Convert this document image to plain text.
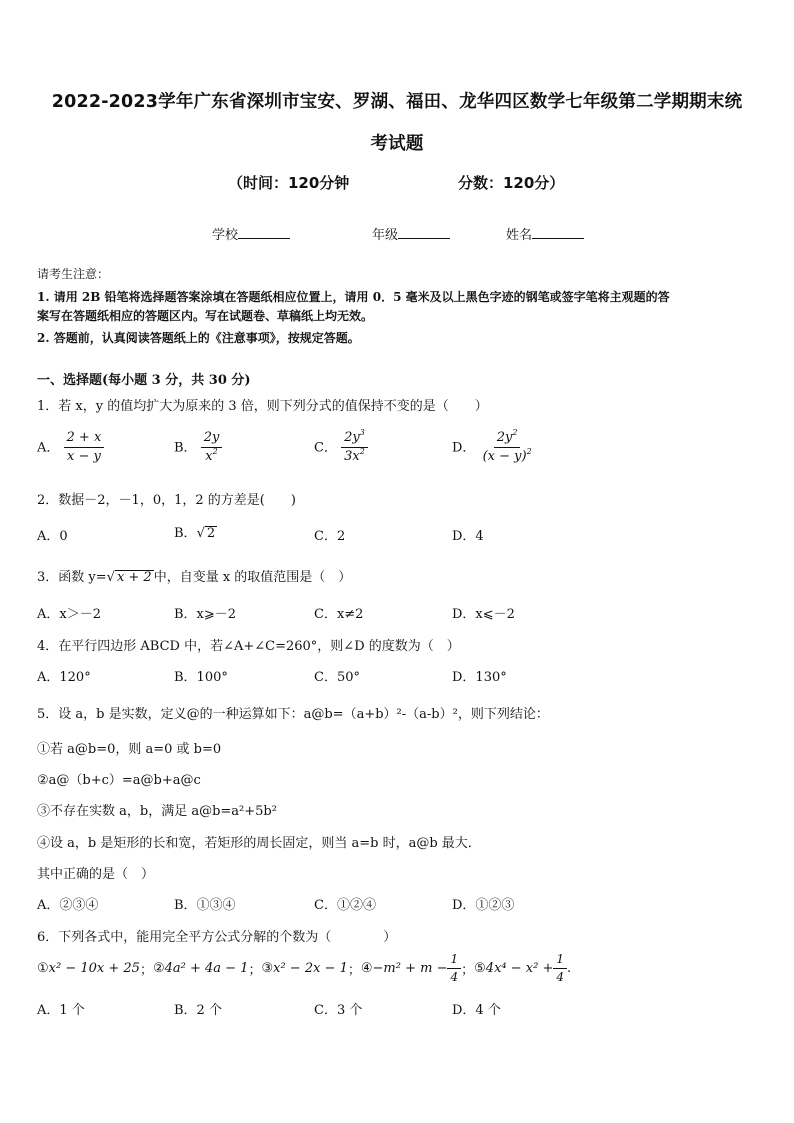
2022-2023学年广东省深圳市宝安、罗湖、福田、龙华四区数学七年级第二学期期末统
考试题
（时间：120分钟	分数：120分）
学校	年级	姓名
请考生注意：
1. 请用 2B 铅笔将选择题答案涂填在答题纸相应位置上，请用 0．5 毫米及以上黑色字迹的钢笔或签字笔将主观题的答
案写在答题纸相应的答题区内。写在试题卷、草稿纸上均无效。
2. 答题前，认真阅读答题纸上的《注意事项》，按规定答题。
一、选择题(每小题 3 分，共 30 分)
1．若 x，y 的值均扩大为原来的 3 倍，则下列分式的值保持不变的是（　　）
A． $\frac{2 + x}{x - y}$	B． $\frac{2y}{x^2}$	C． $\frac{2y^3}{3x^2}$	D． $\frac{2y^2}{(x - y)^2}$
2．数据－2，－1，0，1，2 的方差是(　　)
A．0	B．√ 2	C．2	D．4
3．函数 y=√ x + 2 中，自变量 x 的取值范围是（　）
A．x＞－2	B．x⩾－2	C．x≠2	D．x⩽－2
4．在平行四边形 ABCD 中，若∠A+∠C=260°，则∠D 的度数为（　）
A．120°	B．100°	C．50°	D．130°
5．设 a，b 是实数，定义@的一种运算如下：a@b=（a+b）²-（a-b）²，则下列结论：
①若 a@b=0，则 a=0 或 b=0
②a@（b+c）=a@b+a@c
③不存在实数 a，b，满足 a@b=a²+5b²
④设 a，b 是矩形的长和宽，若矩形的周长固定，则当 a=b 时，a@b 最大．
其中正确的是（　）
A．②③④	B．①③④	C．①②④	D．①②③
6．下列各式中，能用完全平方公式分解的个数为（　　　　）
① x² − 10x + 25 ； ② 4a² + 4a − 1 ； ③ x² − 2x − 1 ； ④ $-m^2 + m - \frac{1}{4}$ ； ⑤ $4x^4 - x^2 + \frac{1}{4}$ .
A．1 个	B．2 个	C．3 个	D．4 个
